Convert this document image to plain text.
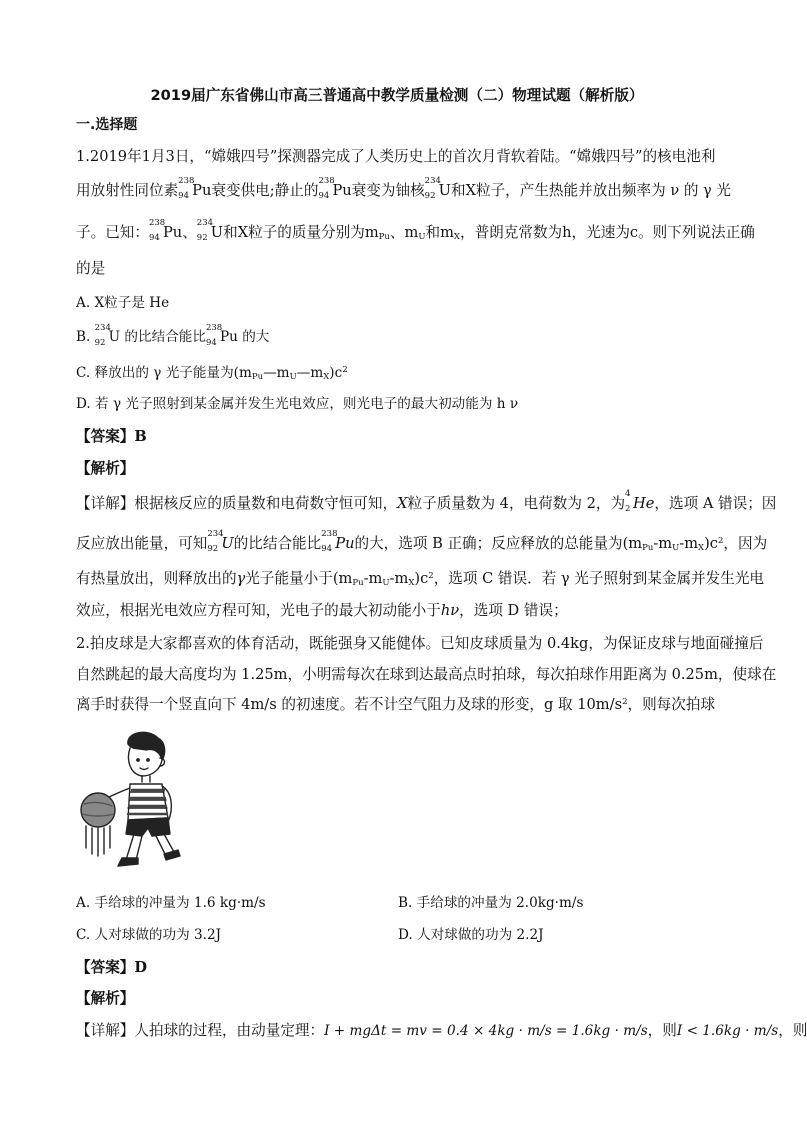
2019届广东省佛山市高三普通高中教学质量检测（二）物理试题（解析版）
一.选择题
1.2019年1月3日，“嫦娥四号”探测器完成了人类历史上的首次月背软着陆。“嫦娥四号”的核电池利
用放射性同位素
238
94 Pu衰变供电;静止的
238
94 Pu衰变为铀核
234
92 U和X粒子，产生热能并放出频率为 ν 的 γ 光
子。已知：
238
94 Pu、
234
92 U和X粒子的质量分别为$m_{Pu}$、$m_U$和$m_X$，普朗克常数为h，光速为c。则下列说法正确
的是
A. X粒子是 He
B.
234
92 U 的比结合能比
238
94 Pu 的大
C. 释放出的 γ 光子能量为$(m_{Pu}—m_U—m_X)c^2$
D. 若 γ 光子照射到某金属并发生光电效应，则光电子的最大初动能为 h ν
【答案】B
【解析】
【详解】根据核反应的质量数和电荷数守恒可知，X粒子质量数为 4，电荷数为 2，为
4
2 He，选项 A 错误；因
反应放出能量，可知
234
92 U的比结合能比
238
94 Pu的大，选项 B 正确；反应释放的总能量为$(m_{Pu}-m_U-m_X)c^2$，因为
有热量放出，则释放出的γ光子能量小于$(m_{Pu}-m_U-m_X)c^2$，选项 C 错误．若 γ 光子照射到某金属并发生光电
效应，根据光电效应方程可知，光电子的最大初动能小于hν，选项 D 错误；
2.拍皮球是大家都喜欢的体育活动，既能强身又能健体。已知皮球质量为 0.4kg，为保证皮球与地面碰撞后
自然跳起的最大高度均为 1.25m，小明需每次在球到达最高点时拍球，每次拍球作用距离为 0.25m，使球在
离手时获得一个竖直向下 4m/s 的初速度。若不计空气阻力及球的形变，g 取 $10m/s^2$，则每次拍球
A. 手给球的冲量为 1.6 kg·m/s	B. 手给球的冲量为 2.0kg·m/s
C. 人对球做的功为 3.2J	D. 人对球做的功为 2.2J
【答案】D
【解析】
【详解】人拍球的过程，由动量定理：I + mgΔt = mv = 0.4 × 4kg · m/s = 1.6kg · m/s，则I < 1.6kg · m/s，则
